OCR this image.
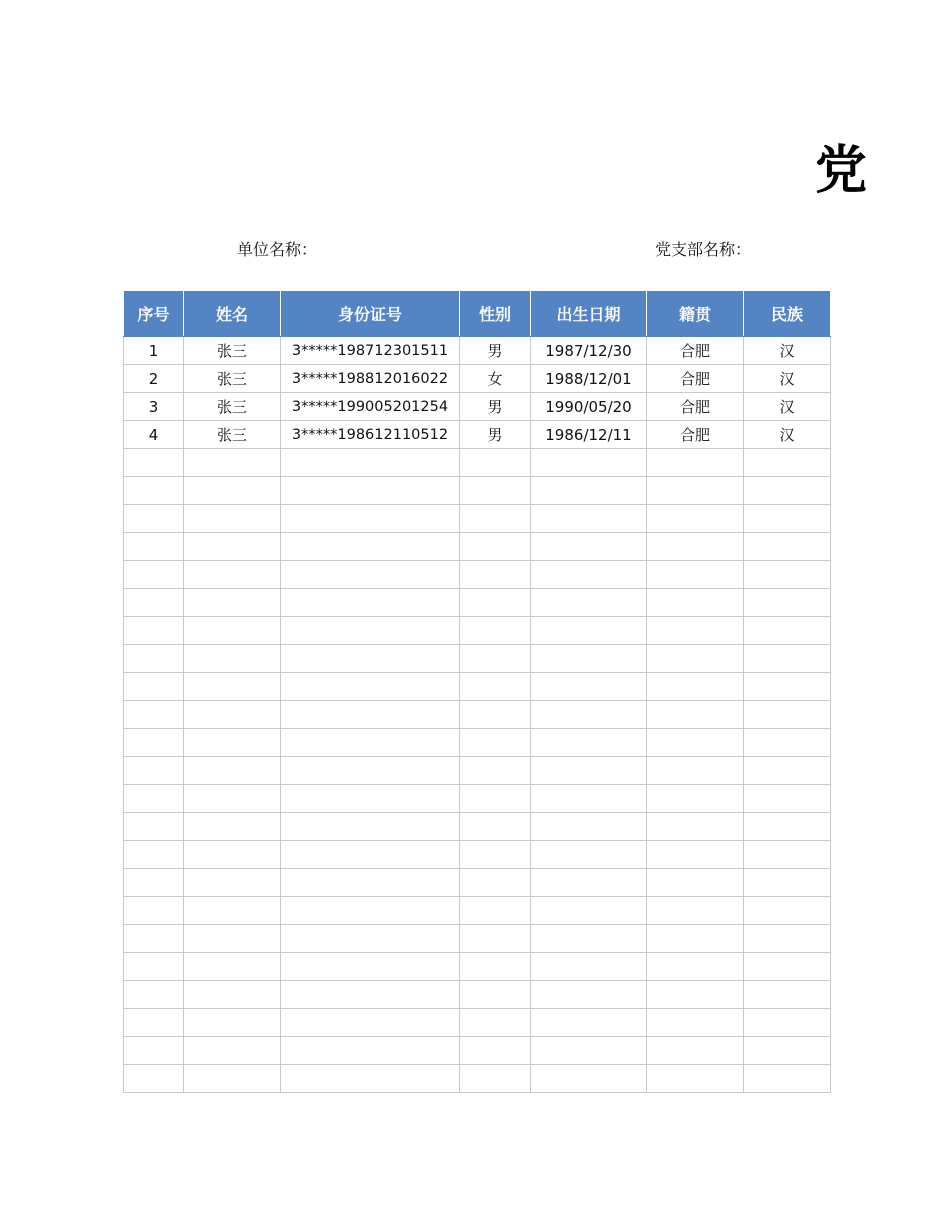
党
单位名称：	党支部名称：
序号	姓名	身份证号	性别	出生日期	籍贯	民族
1	张三	3*****198712301511	男	1987/12/30	合肥	汉
2	张三	3*****198812016022	女	1988/12/01	合肥	汉
3	张三	3*****199005201254	男	1990/05/20	合肥	汉
4	张三	3*****198612110512	男	1986/12/11	合肥	汉
